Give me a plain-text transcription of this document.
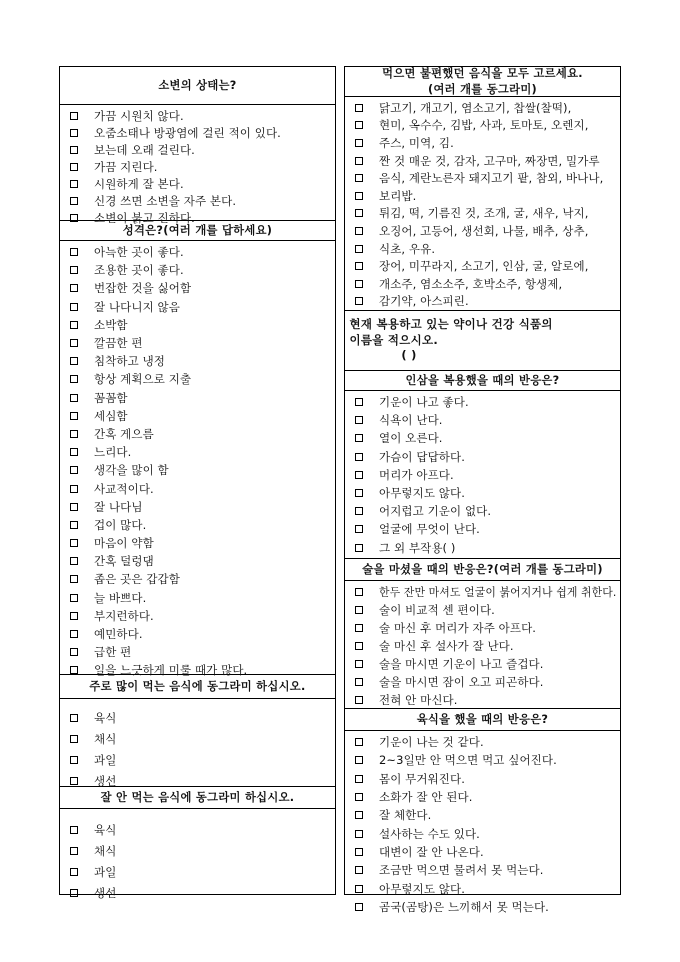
소변의 상태는?
가끔 시원치 않다.
오줌소태나 방광염에 걸린 적이 있다.
보는데 오래 걸린다.
가끔 지린다.
시원하게 잘 본다.
신경 쓰면 소변을 자주 본다.
소변이 붉고 진하다.
성격은?(여러 개를 답하세요)
아늑한 곳이 좋다.
조용한 곳이 좋다.
번잡한 것을 싫어함
잘 나다니지 않음
소박함
깔끔한 편
침착하고 냉정
항상 계획으로 지출
꼼꼼함
세심함
간혹 게으름
느리다.
생각을 많이 함
사교적이다.
잘 나다님
겁이 많다.
마음이 약함
간혹 덜렁댐
좁은 곳은 갑갑함
늘 바쁘다.
부지런하다.
예민하다.
급한 편
일을 느긋하게 미룰 때가 많다.
주로 많이 먹는 음식에 동그라미 하십시오.
육식
채식
과일
생선
잘 안 먹는 음식에 동그라미 하십시오.
육식
채식
과일
생선
먹으면 불편했던 음식을 모두 고르세요.
(여러 개를 동그라미)
닭고기, 개고기, 염소고기, 찹쌀(찰떡),
현미, 옥수수, 김밥, 사과, 토마토, 오렌지,
주스, 미역, 김.
짠 것 매운 것, 감자, 고구마, 짜장면, 밀가루
음식, 계란노른자 돼지고기 팥, 참외, 바나나,
보리밥.
튀김, 떡, 기름진 것, 조개, 굴, 새우, 낙지,
오징어, 고등어, 생선회, 나물, 배추, 상추,
식초, 우유.
장어, 미꾸라지, 소고기, 인삼, 굴, 알로에,
개소주, 염소소주, 호박소주, 항생제,
감기약, 아스피린.
현재 복용하고 있는 약이나 건강 식품의
이름을 적으시오.
( )
인삼을 복용했을 때의 반응은?
기운이 나고 좋다.
식욕이 난다.
열이 오른다.
가슴이 답답하다.
머리가 아프다.
아무렇지도 않다.
어지럽고 기운이 없다.
얼굴에 무엇이 난다.
그 외 부작용( )
술을 마셨을 때의 반응은?(여러 개를 동그라미)
한두 잔만 마셔도 얼굴이 붉어지거나 쉽게 취한다.
술이 비교적 센 편이다.
술 마신 후 머리가 자주 아프다.
술 마신 후 설사가 잘 난다.
술을 마시면 기운이 나고 즐겁다.
술을 마시면 잠이 오고 피곤하다.
전혀 안 마신다.
육식을 했을 때의 반응은?
기운이 나는 것 같다.
2~3일만 안 먹으면 먹고 싶어진다.
몸이 무거워진다.
소화가 잘 안 된다.
잘 체한다.
설사하는 수도 있다.
대변이 잘 안 나온다.
조금만 먹으면 물려서 못 먹는다.
아무렇지도 않다.
곰국(곰탕)은 느끼해서 못 먹는다.
